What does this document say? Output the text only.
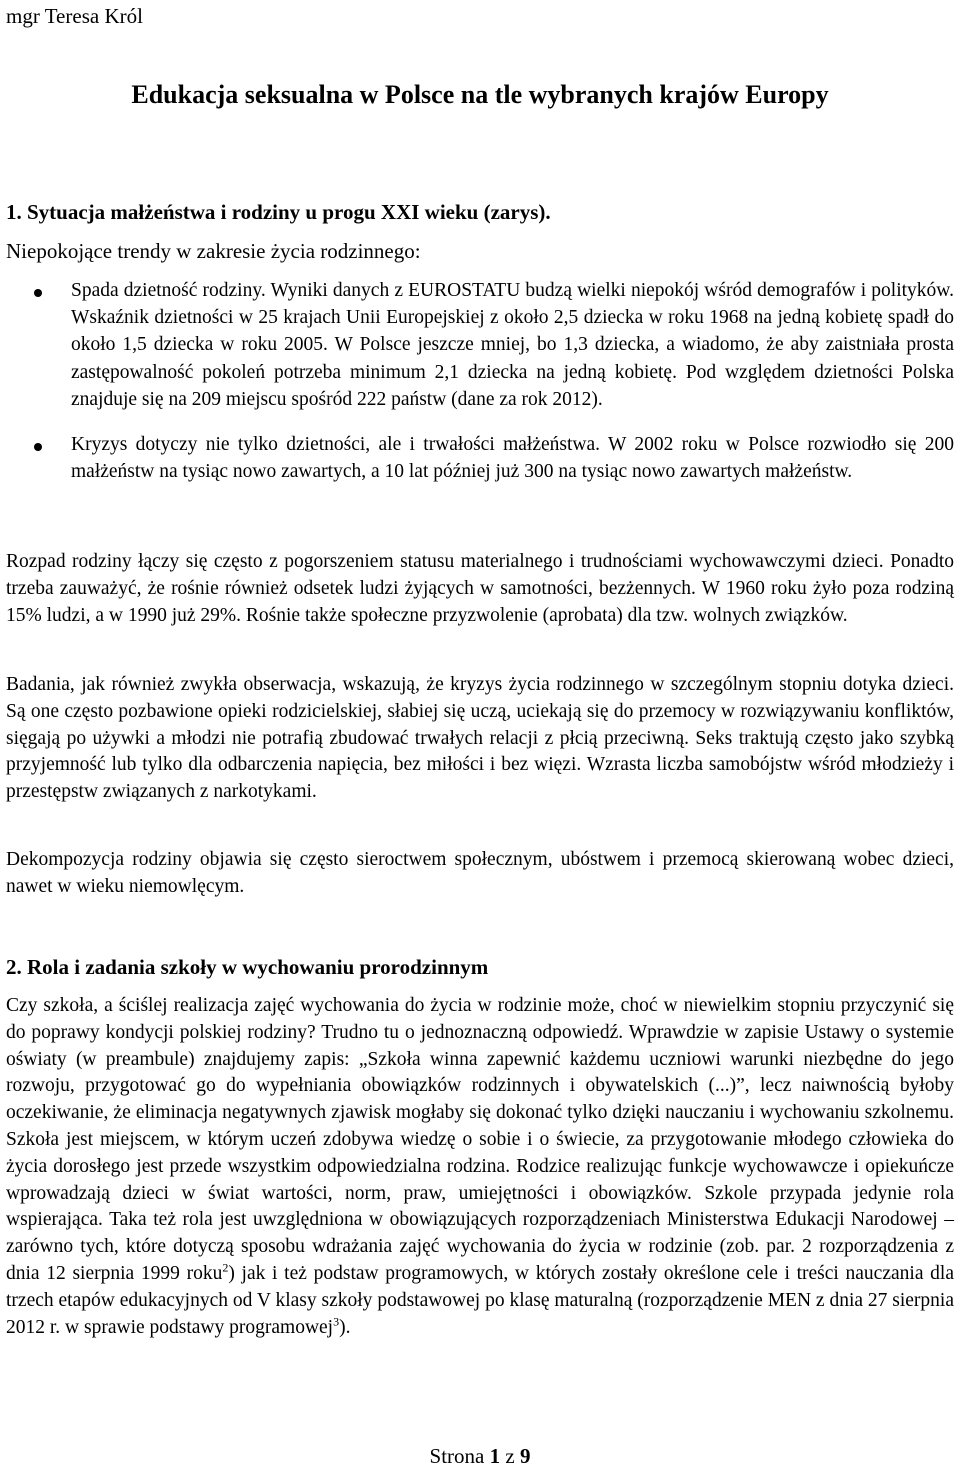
mgr Teresa Król
Edukacja seksualna w Polsce na tle wybranych krajów Europy
1. Sytuacja małżeństwa i rodziny u progu XXI wieku (zarys).
Niepokojące trendy w zakresie życia rodzinnego:
Spada dzietność rodziny. Wyniki danych z EUROSTATU budzą wielki niepokój wśród demografów i polityków. Wskaźnik dzietności w 25 krajach Unii Europejskiej z około 2,5 dziecka w roku 1968 na jedną kobietę spadł do około 1,5 dziecka w roku 2005. W Polsce jeszcze mniej, bo 1,3 dziecka, a wiadomo, że aby zaistniała prosta zastępowalność pokoleń potrzeba minimum 2,1 dziecka na jedną kobietę. Pod względem dzietności Polska znajduje się na 209 miejscu spośród 222 państw (dane za rok 2012).
Kryzys dotyczy nie tylko dzietności, ale i trwałości małżeństwa. W 2002 roku w Polsce rozwiodło się 200 małżeństw na tysiąc nowo zawartych, a 10 lat później już 300 na tysiąc nowo zawartych małżeństw.
Rozpad rodziny łączy się często z pogorszeniem statusu materialnego i trudnościami wychowawczymi dzieci. Ponadto trzeba zauważyć, że rośnie również odsetek ludzi żyjących w samotności, bezżennych. W 1960 roku żyło poza rodziną 15% ludzi, a w 1990 już 29%. Rośnie także społeczne przyzwolenie (aprobata) dla tzw. wolnych związków.
Badania, jak również zwykła obserwacja, wskazują, że kryzys życia rodzinnego w szczególnym stopniu dotyka dzieci. Są one często pozbawione opieki rodzicielskiej, słabiej się uczą, uciekają się do przemocy w rozwiązywaniu konfliktów, sięgają po używki a młodzi nie potrafią zbudować trwałych relacji z płcią przeciwną. Seks traktują często jako szybką przyjemność lub tylko dla odbarczenia napięcia, bez miłości i bez więzi. Wzrasta liczba samobójstw wśród młodzieży i przestępstw związanych z narkotykami.
Dekompozycja rodziny objawia się często sieroctwem społecznym, ubóstwem i przemocą skierowaną wobec dzieci, nawet w wieku niemowlęcym.
2. Rola i zadania szkoły w wychowaniu prorodzinnym
Czy szkoła, a ściślej realizacja zajęć wychowania do życia w rodzinie może, choć w niewielkim stopniu przyczynić się do poprawy kondycji polskiej rodziny? Trudno tu o jednoznaczną odpowiedź. Wprawdzie w zapisie Ustawy o systemie oświaty (w preambule) znajdujemy zapis: „Szkoła winna zapewnić każdemu uczniowi warunki niezbędne do jego rozwoju, przygotować go do wypełniania obowiązków rodzinnych i obywatelskich (...)”, lecz naiwnością byłoby oczekiwanie, że eliminacja negatywnych zjawisk mogłaby się dokonać tylko dzięki nauczaniu i wychowaniu szkolnemu. Szkoła jest miejscem, w którym uczeń zdobywa wiedzę o sobie i o świecie, za przygotowanie młodego człowieka do życia dorosłego jest przede wszystkim odpowiedzialna rodzina. Rodzice realizując funkcje wychowawcze i opiekuńcze wprowadzają dzieci w świat wartości, norm, praw, umiejętności i obowiązków. Szkole przypada jedynie rola wspierająca. Taka też rola jest uwzględniona w obowiązujących rozporządzeniach Ministerstwa Edukacji Narodowej – zarówno tych, które dotyczą sposobu wdrażania zajęć wychowania do życia w rodzinie (zob. par. 2 rozporządzenia z dnia 12 sierpnia 1999 roku$^2$) jak i też podstaw programowych, w których zostały określone cele i treści nauczania dla trzech etapów edukacyjnych od V klasy szkoły podstawowej po klasę maturalną (rozporządzenie MEN z dnia 27 sierpnia 2012 r. w sprawie podstawy programowej$^3$).
Strona 1 z 9
